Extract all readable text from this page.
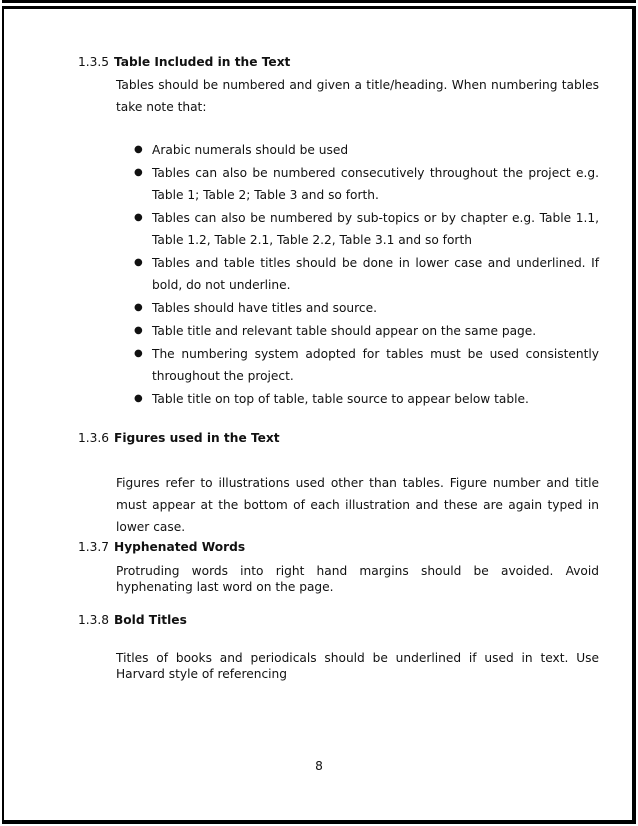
1.3.5 Table Included in the Text

Tables should be numbered and given a title/heading. When numbering tables take note that:

● Arabic numerals should be used
● Tables can also be numbered consecutively throughout the project e.g. Table 1; Table 2; Table 3 and so forth.
● Tables can also be numbered by sub-topics or by chapter e.g. Table 1.1, Table 1.2, Table 2.1, Table 2.2, Table 3.1 and so forth
● Tables and table titles should be done in lower case and underlined. If bold, do not underline.
● Tables should have titles and source.
● Table title and relevant table should appear on the same page.
● The numbering system adopted for tables must be used consistently throughout the project.
● Table title on top of table, table source to appear below table.
1.3.6 Figures used in the Text

Figures refer to illustrations used other than tables. Figure number and title must appear at the bottom of each illustration and these are again typed in lower case.

1.3.7 Hyphenated Words

Protruding words into right hand margins should be avoided. Avoid hyphenating last word on the page.

1.3.8 Bold Titles

Titles of books and periodicals should be underlined if used in text. Use Harvard style of referencing

8
